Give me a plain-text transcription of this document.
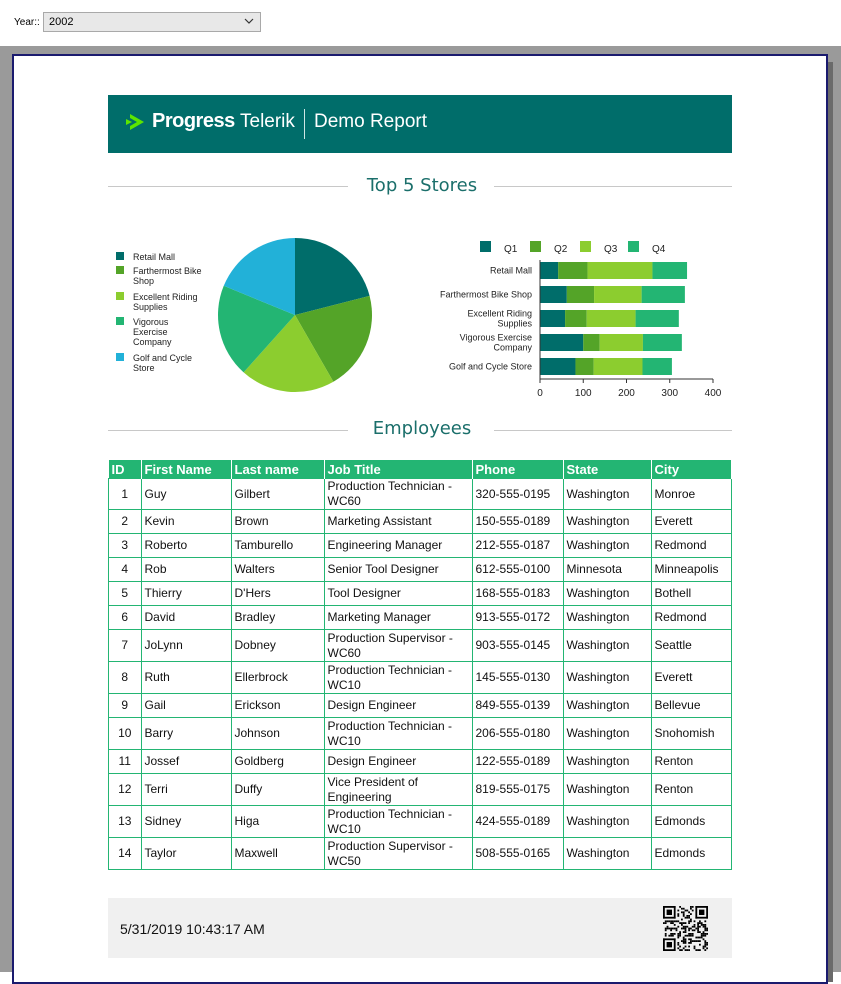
Year:: 2002
Progress Telerik Demo Report
Top 5 Stores
Retail Mall
Farthermost Bike Shop
Excellent Riding Supplies
Vigorous Exercise Company
Golf and Cycle Store
Q1	Q2	Q3	Q4
Retail Mall
Farthermost Bike Shop
Excellent Riding Supplies
Vigorous Exercise Company
Golf and Cycle Store
0	100	200	300	400
Employees
ID	First Name	Last name	Job Title	Phone	State	City
1	Guy	Gilbert	Production Technician - WC60	320-555-0195	Washington	Monroe
2	Kevin	Brown	Marketing Assistant	150-555-0189	Washington	Everett
3	Roberto	Tamburello	Engineering Manager	212-555-0187	Washington	Redmond
4	Rob	Walters	Senior Tool Designer	612-555-0100	Minnesota	Minneapolis
5	Thierry	D'Hers	Tool Designer	168-555-0183	Washington	Bothell
6	David	Bradley	Marketing Manager	913-555-0172	Washington	Redmond
7	JoLynn	Dobney	Production Supervisor - WC60	903-555-0145	Washington	Seattle
8	Ruth	Ellerbrock	Production Technician - WC10	145-555-0130	Washington	Everett
9	Gail	Erickson	Design Engineer	849-555-0139	Washington	Bellevue
10	Barry	Johnson	Production Technician - WC10	206-555-0180	Washington	Snohomish
11	Jossef	Goldberg	Design Engineer	122-555-0189	Washington	Renton
12	Terri	Duffy	Vice President of Engineering	819-555-0175	Washington	Renton
13	Sidney	Higa	Production Technician - WC10	424-555-0189	Washington	Edmonds
14	Taylor	Maxwell	Production Supervisor - WC50	508-555-0165	Washington	Edmonds
5/31/2019 10:43:17 AM
